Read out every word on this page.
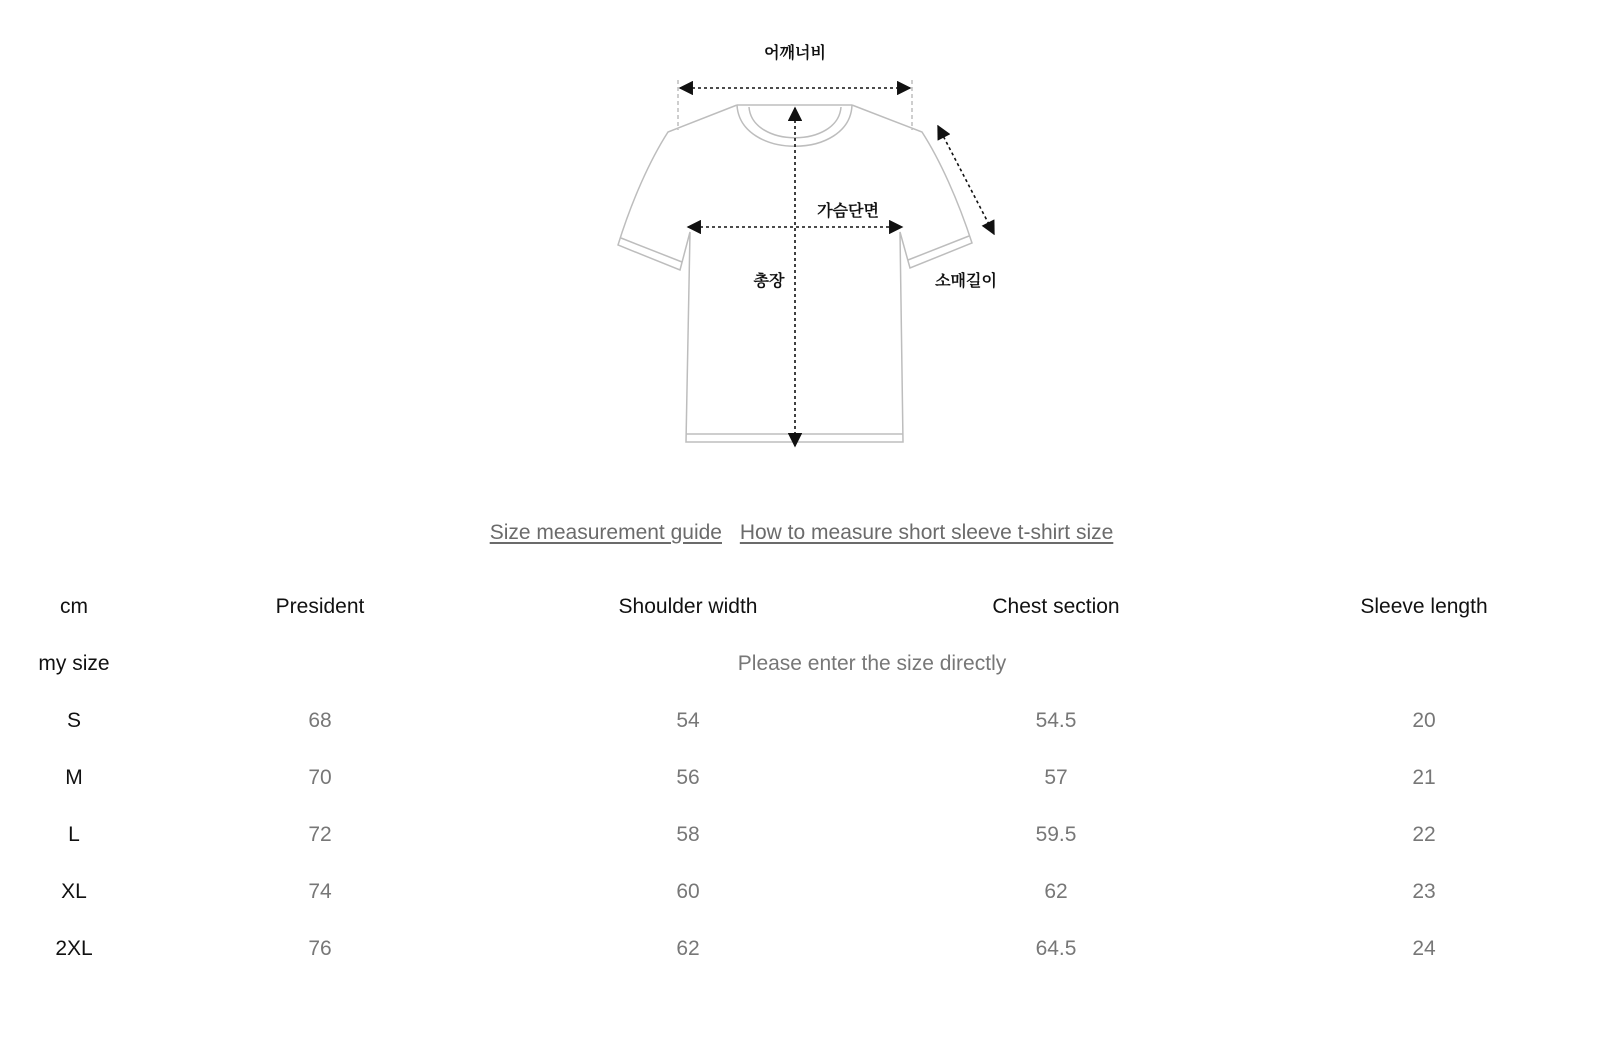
어깨너비
가슴단면
총장	소매길이
Size measurement guide How to measure short sleeve t-shirt size
cm	President	Shoulder width	Chest section	Sleeve length
my size	Please enter the size directly
S	68	54	54.5	20
M	70	56	57	21
L	72	58	59.5	22
XL	74	60	62	23
2XL	76	62	64.5	24
